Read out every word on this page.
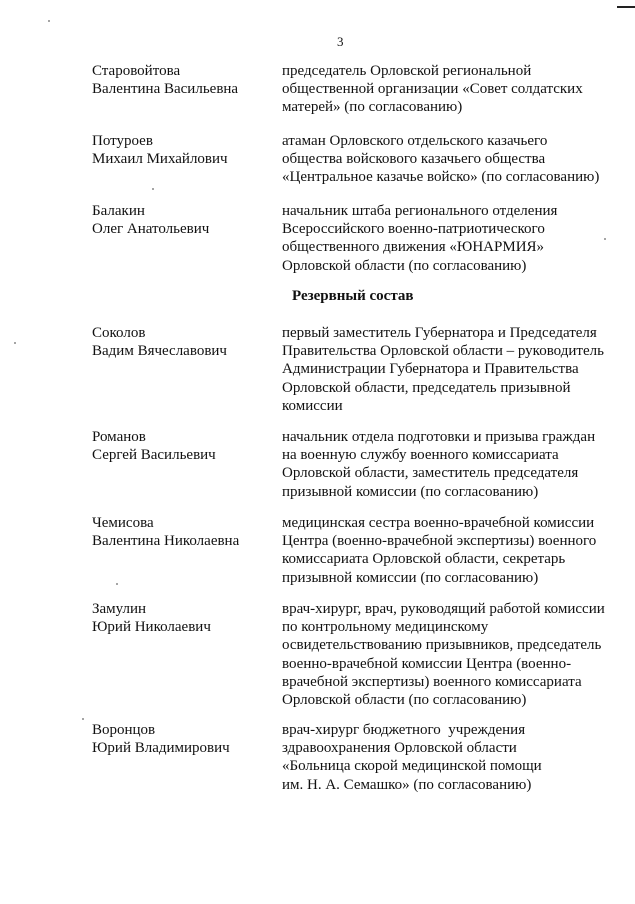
3
Старовойтова
Валентина Васильевна
председатель Орловской региональной
общественной организации «Совет солдатских
матерей» (по согласованию)
Потуроев
Михаил Михайлович
атаман Орловского отдельского казачьего
общества войскового казачьего общества
«Центральное казачье войско» (по согласованию)
Балакин
Олег Анатольевич
начальник штаба регионального отделения
Всероссийского военно-патриотического
общественного движения «ЮНАРМИЯ»
Орловской области (по согласованию)
Резервный состав
Соколов
Вадим Вячеславович
первый заместитель Губернатора и Председателя
Правительства Орловской области – руководитель
Администрации Губернатора и Правительства
Орловской области, председатель призывной
комиссии
Романов
Сергей Васильевич
начальник отдела подготовки и призыва граждан
на военную службу военного комиссариата
Орловской области, заместитель председателя
призывной комиссии (по согласованию)
Чемисова
Валентина Николаевна
медицинская сестра военно-врачебной комиссии
Центра (военно-врачебной экспертизы) военного
комиссариата Орловской области, секретарь
призывной комиссии (по согласованию)
Замулин
Юрий Николаевич
врач-хирург, врач, руководящий работой комиссии
по контрольному медицинскому
освидетельствованию призывников, председатель
военно-врачебной комиссии Центра (военно-
врачебной экспертизы) военного комиссариата
Орловской области (по согласованию)
Воронцов
Юрий Владимирович
врач-хирург бюджетного  учреждения
здравоохранения Орловской области
«Больница скорой медицинской помощи
им. Н. А. Семашко» (по согласованию)
